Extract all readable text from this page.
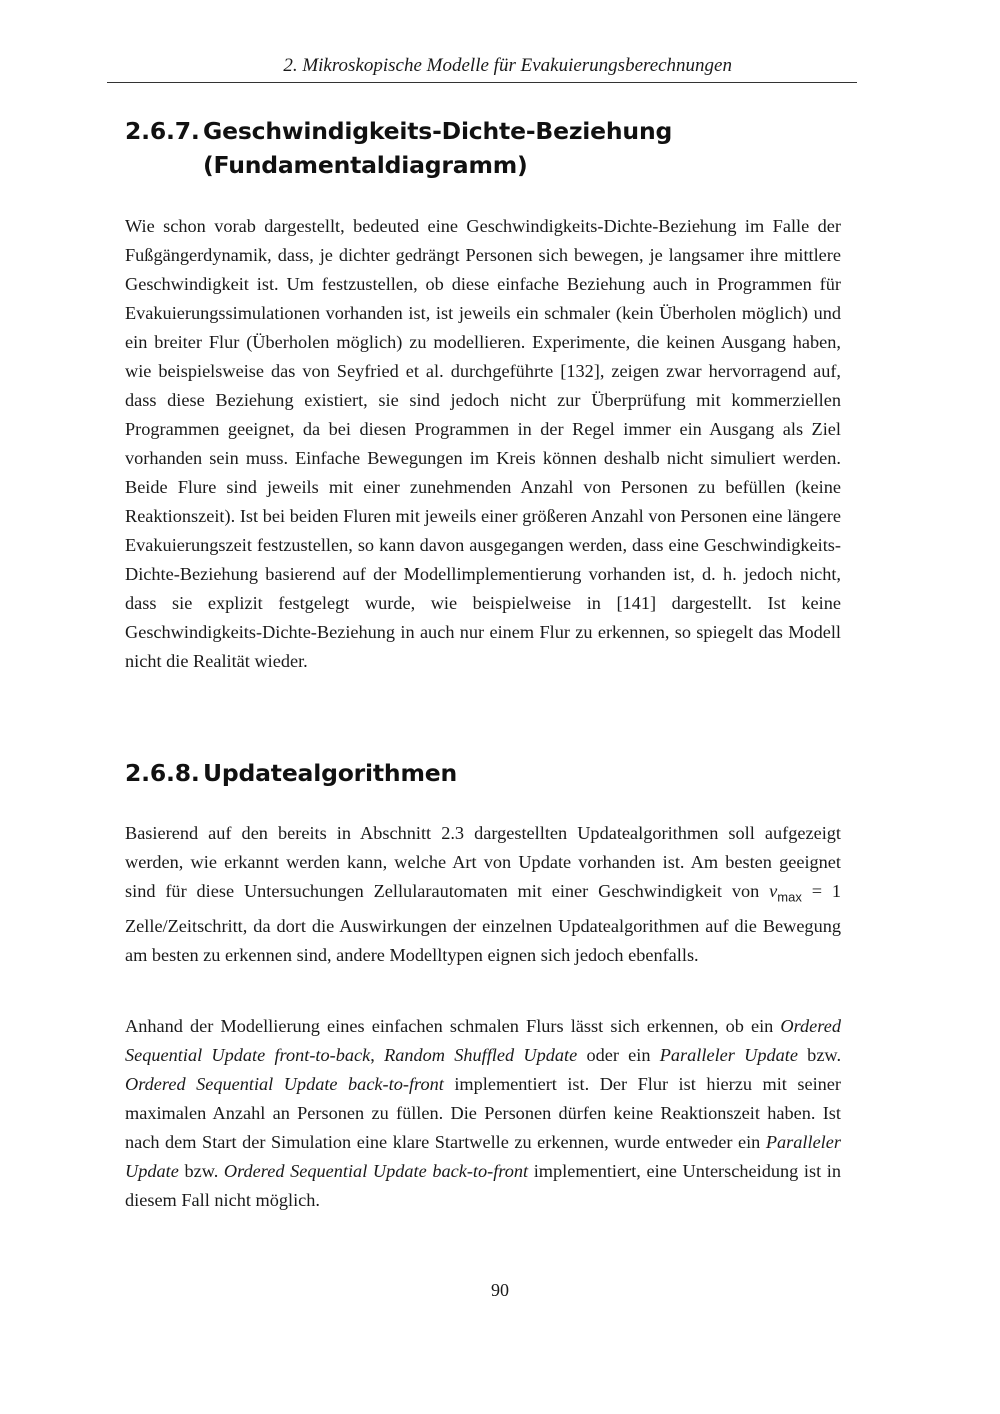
2. Mikroskopische Modelle für Evakuierungsberechnungen
2.6.7. Geschwindigkeits-Dichte-Beziehung
(Fundamentaldiagramm)

Wie schon vorab dargestellt, bedeuted eine Geschwindigkeits-Dichte-Beziehung im Falle der Fußgängerdynamik, dass, je dichter gedrängt Personen sich bewegen, je langsamer ihre mittlere Geschwindigkeit ist. Um festzustellen, ob diese einfache Beziehung auch in Programmen für Evakuierungssimulationen vorhanden ist, ist jeweils ein schmaler (kein Überholen möglich) und ein breiter Flur (Überholen möglich) zu modellieren. Experimente, die keinen Ausgang haben, wie beispielsweise das von Seyfried et al. durchgeführte [132], zeigen zwar hervorragend auf, dass diese Beziehung existiert, sie sind jedoch nicht zur Überprüfung mit kommerziellen Programmen geeignet, da bei diesen Programmen in der Regel immer ein Ausgang als Ziel vorhanden sein muss. Einfache Bewegungen im Kreis können deshalb nicht simuliert werden. Beide Flure sind jeweils mit einer zunehmenden Anzahl von Personen zu befüllen (keine Reaktionszeit). Ist bei beiden Fluren mit jeweils einer größeren Anzahl von Personen eine längere Evakuierungszeit festzustellen, so kann davon ausgegangen werden, dass eine Geschwindigkeits-Dichte-Beziehung basierend auf der Modellimplementierung vorhanden ist, d. h. jedoch nicht, dass sie explizit festgelegt wurde, wie beispielweise in [141] dargestellt. Ist keine Geschwindigkeits-Dichte-Beziehung in auch nur einem Flur zu erkennen, so spiegelt das Modell nicht die Realität wieder.

2.6.8. Updatealgorithmen

Basierend auf den bereits in Abschnitt 2.3 dargestellten Updatealgorithmen soll aufgezeigt werden, wie erkannt werden kann, welche Art von Update vorhanden ist. Am besten geeignet sind für diese Untersuchungen Zellularautomaten mit einer Geschwindigkeit von $v_{max} = 1$ Zelle/Zeitschritt, da dort die Auswirkungen der einzelnen Updatealgorithmen auf die Bewegung am besten zu erkennen sind, andere Modelltypen eignen sich jedoch ebenfalls.

Anhand der Modellierung eines einfachen schmalen Flurs lässt sich erkennen, ob ein Ordered Sequential Update front-to-back, Random Shuffled Update oder ein Paralleler Update bzw. Ordered Sequential Update back-to-front implementiert ist. Der Flur ist hierzu mit seiner maximalen Anzahl an Personen zu füllen. Die Personen dürfen keine Reaktionszeit haben. Ist nach dem Start der Simulation eine klare Startwelle zu erkennen, wurde entweder ein Paralleler Update bzw. Ordered Sequential Update back-to-front implementiert, eine Unterscheidung ist in diesem Fall nicht möglich.

90
